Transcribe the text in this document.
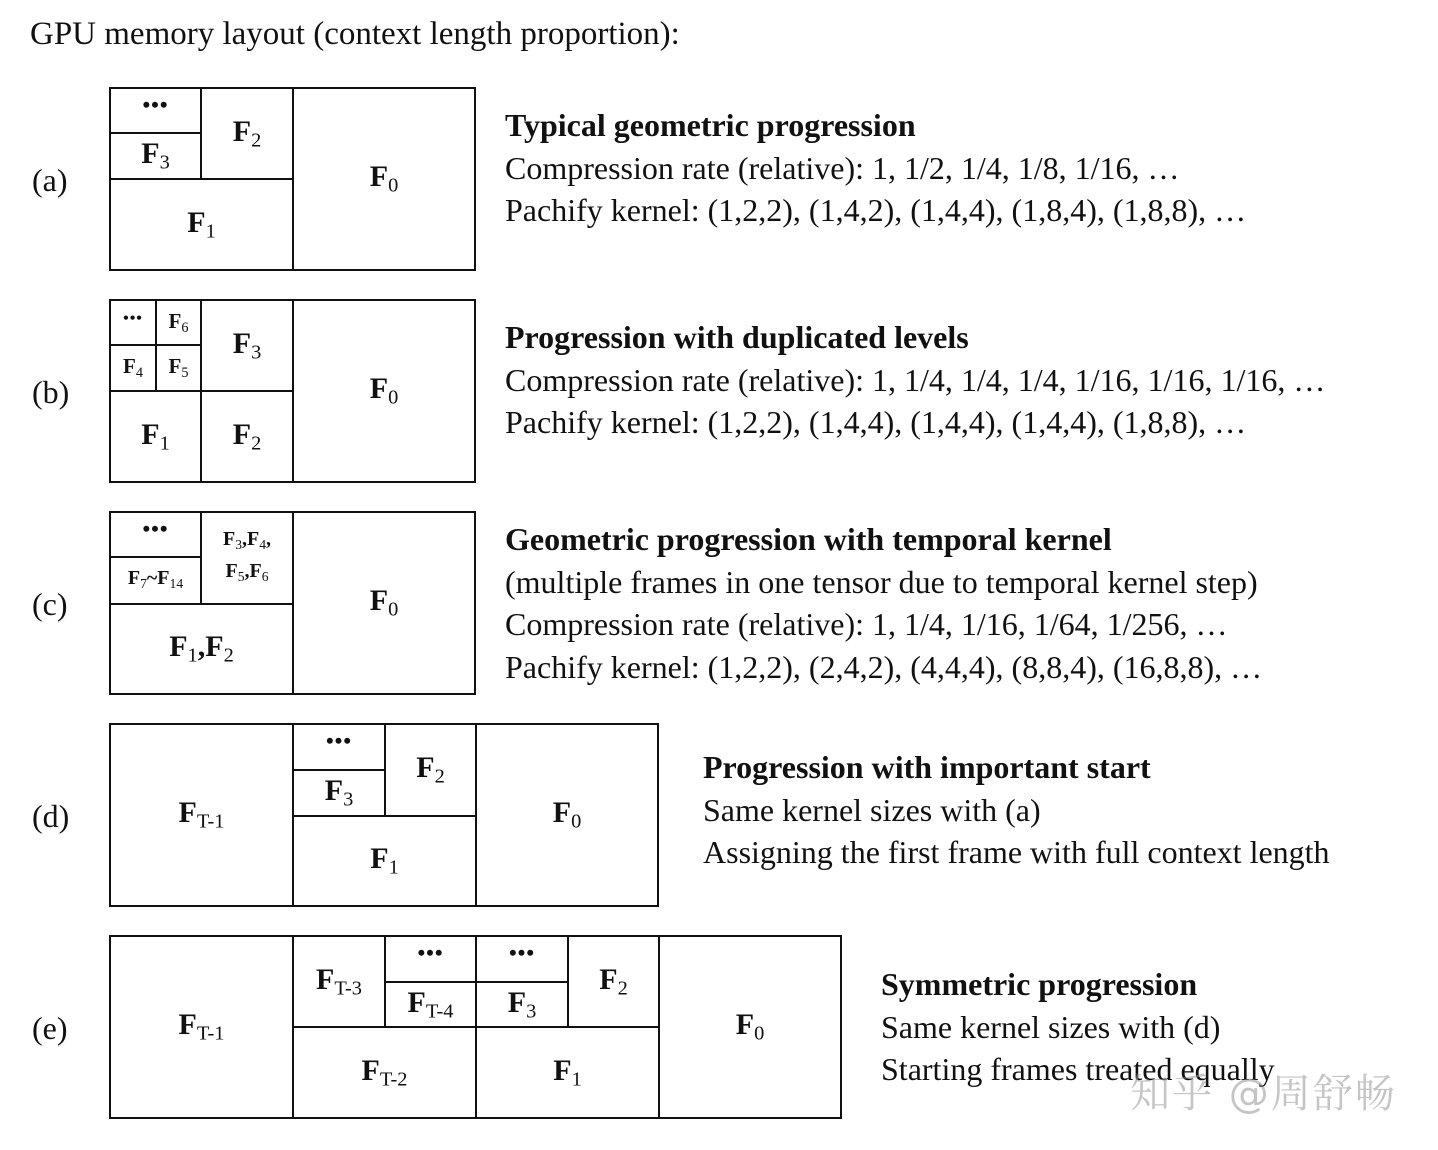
GPU memory layout (context length proportion):
(a)
•••
$F_3$
$F_2$
$F_1$
$F_0$
Typical geometric progression
Compression rate (relative): 1, 1/2, 1/4, 1/8, 1/16, …
Pachify kernel: (1,2,2), (1,4,2), (1,4,4), (1,8,4), (1,8,8), …
(b)
••• $F_6$
$F_4$ $F_5$
$F_3$
$F_1$ $F_2$
$F_0$
Progression with duplicated levels
Compression rate (relative): 1, 1/4, 1/4, 1/4, 1/16, 1/16, 1/16, …
Pachify kernel: (1,2,2), (1,4,4), (1,4,4), (1,4,4), (1,8,8), …
(c)
•••
$F_7\sim F_{14}$
$F_3,F_4$,
$F_5,F_6$
$F_1,F_2$
$F_0$
Geometric progression with temporal kernel
(multiple frames in one tensor due to temporal kernel step)
Compression rate (relative): 1, 1/4, 1/16, 1/64, 1/256, …
Pachify kernel: (1,2,2), (2,4,2), (4,4,4), (8,8,4), (16,8,8), …
(d)	$F_{T-1}$
•••
$F_3$
$F_2$
$F_1$
$F_0$
Progression with important start
Same kernel sizes with (a)
Assigning the first frame with full context length
(e)	$F_{T-1}$
$F_{T-3}$
•••
$F_{T-4}$
•••
$F_3$
$F_2$
$F_{T-2}$	$F_1$
$F_0$
Symmetric progression
Same kernel sizes with (d)
Starting frames treated equally
知乎 @周舒畅
